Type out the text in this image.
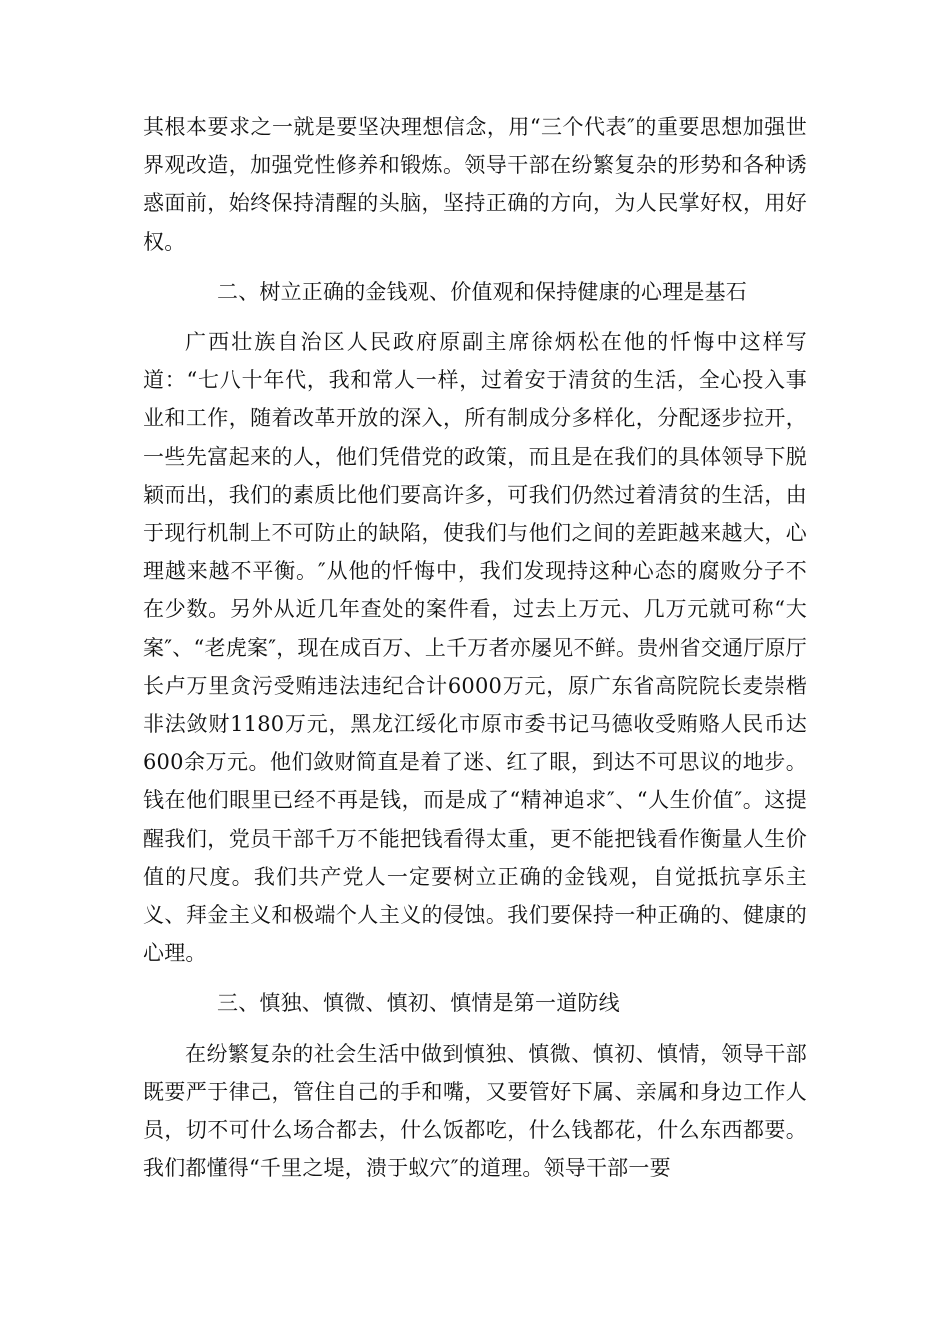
其根本要求之一就是要坚决理想信念，用“三个代表″的重要思想加强世界观改造，加强党性修养和锻炼。领导干部在纷繁复杂的形势和各种诱惑面前，始终保持清醒的头脑，坚持正确的方向，为人民掌好权，用好权。

二、树立正确的金钱观、价值观和保持健康的心理是基石

广西壮族自治区人民政府原副主席徐炳松在他的忏悔中这样写道：“七八十年代，我和常人一样，过着安于清贫的生活，全心投入事业和工作，随着改革开放的深入，所有制成分多样化，分配逐步拉开，一些先富起来的人，他们凭借党的政策，而且是在我们的具体领导下脱颖而出，我们的素质比他们要高许多，可我们仍然过着清贫的生活，由于现行机制上不可防止的缺陷，使我们与他们之间的差距越来越大，心理越来越不平衡。″从他的忏悔中，我们发现持这种心态的腐败分子不在少数。另外从近几年查处的案件看，过去上万元、几万元就可称“大案″、“老虎案″，现在成百万、上千万者亦屡见不鲜。贵州省交通厅原厅长卢万里贪污受贿违法违纪合计6000万元，原广东省高院院长麦崇楷非法敛财1180万元，黑龙江绥化市原市委书记马德收受贿赂人民币达600余万元。他们敛财简直是着了迷、红了眼，到达不可思议的地步。钱在他们眼里已经不再是钱，而是成了“精神追求″、“人生价值″。这提醒我们，党员干部千万不能把钱看得太重，更不能把钱看作衡量人生价值的尺度。我们共产党人一定要树立正确的金钱观，自觉抵抗享乐主义、拜金主义和极端个人主义的侵蚀。我们要保持一种正确的、健康的心理。

三、慎独、慎微、慎初、慎情是第一道防线

在纷繁复杂的社会生活中做到慎独、慎微、慎初、慎情，领导干部既要严于律己，管住自己的手和嘴，又要管好下属、亲属和身边工作人员，切不可什么场合都去，什么饭都吃，什么钱都花，什么东西都要。我们都懂得“千里之堤，溃于蚁穴″的道理。领导干部一要
